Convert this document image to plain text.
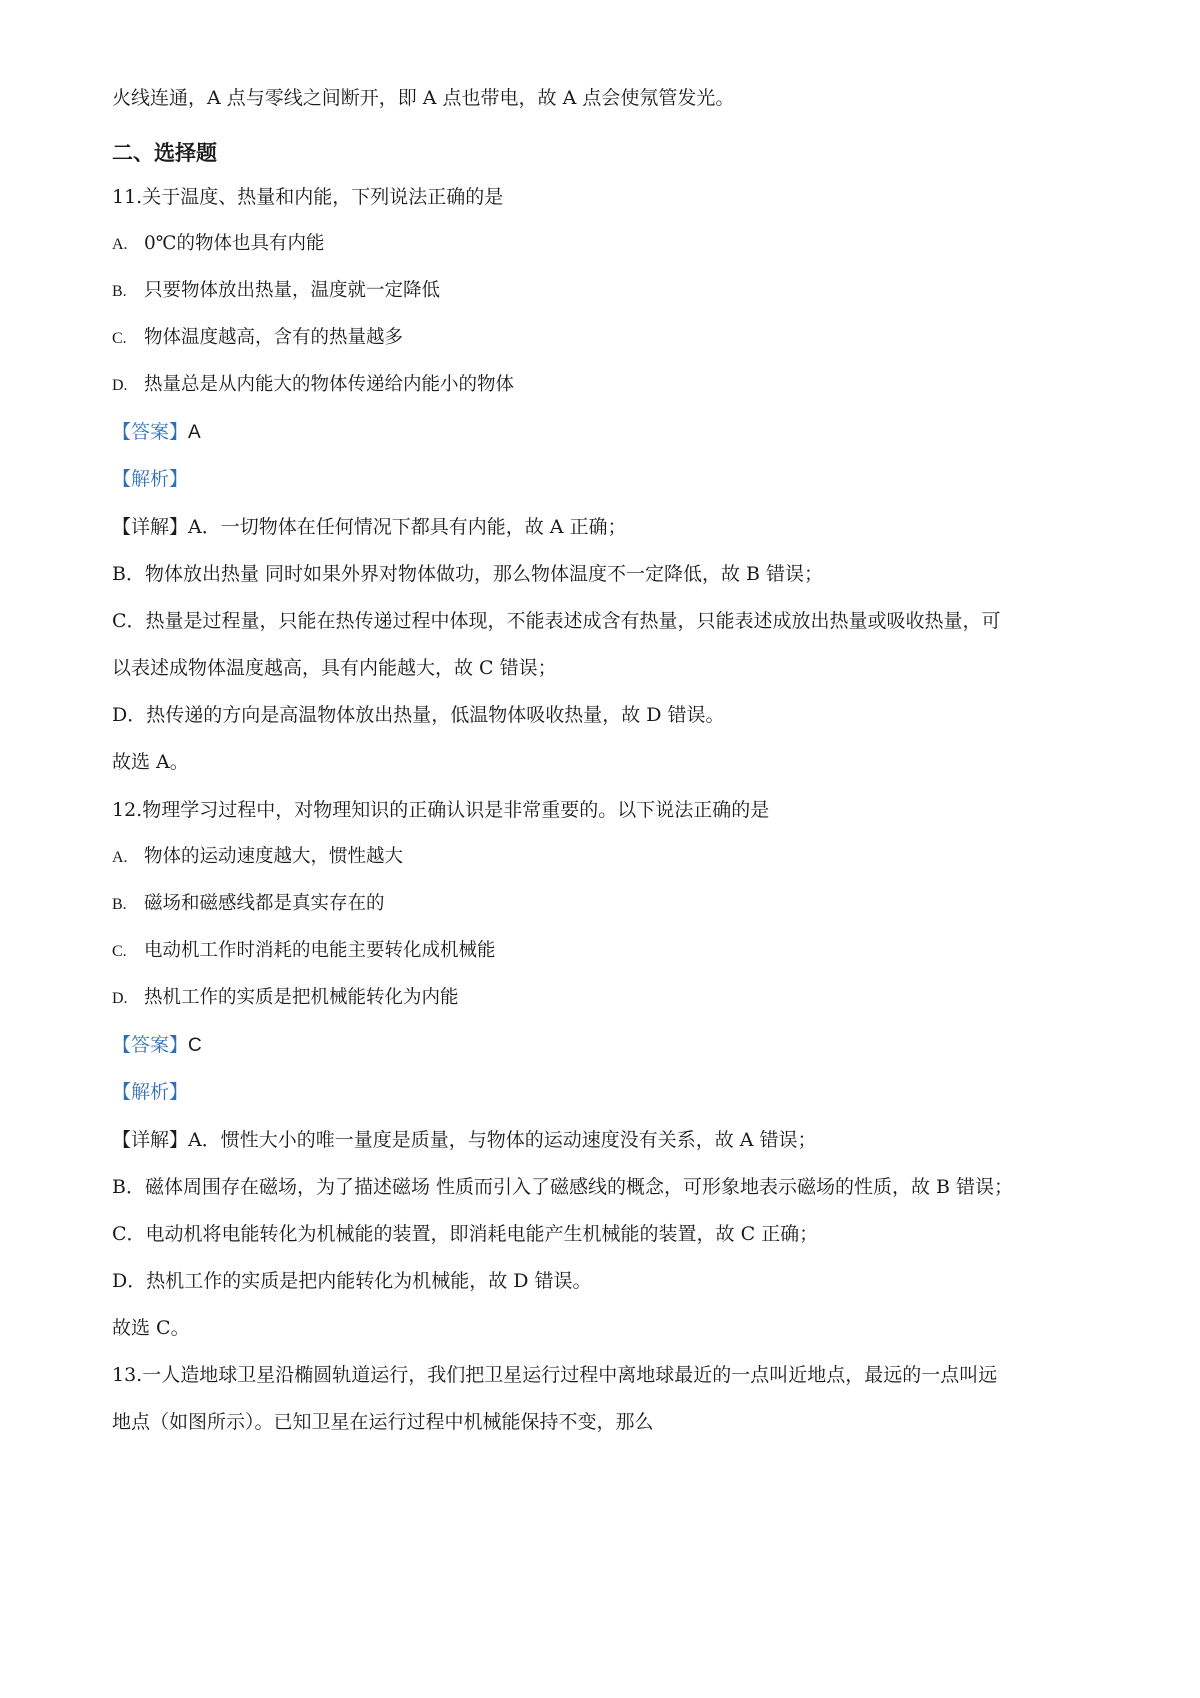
火线连通，A 点与零线之间断开，即 A 点也带电，故 A 点会使氖管发光。
二、选择题
11.关于温度、热量和内能，下列说法正确的是
A. 0℃的物体也具有内能
B. 只要物体放出热量，温度就一定降低
C. 物体温度越高，含有的热量越多
D. 热量总是从内能大的物体传递给内能小的物体
【答案】A
【解析】
【详解】A．一切物体在任何情况下都具有内能，故 A 正确；
B．物体放出热量 同时如果外界对物体做功，那么物体温度不一定降低，故 B 错误；
C．热量是过程量，只能在热传递过程中体现，不能表述成含有热量，只能表述成放出热量或吸收热量，可
以表述成物体温度越高，具有内能越大，故 C 错误；
D．热传递的方向是高温物体放出热量，低温物体吸收热量，故 D 错误。
故选 A。
12.物理学习过程中，对物理知识的正确认识是非常重要的。以下说法正确的是
A. 物体的运动速度越大，惯性越大
B. 磁场和磁感线都是真实存在的
C. 电动机工作时消耗的电能主要转化成机械能
D. 热机工作的实质是把机械能转化为内能
【答案】C
【解析】
【详解】A．惯性大小的唯一量度是质量，与物体的运动速度没有关系，故 A 错误；
B．磁体周围存在磁场，为了描述磁场 性质而引入了磁感线的概念，可形象地表示磁场的性质，故 B 错误；
C．电动机将电能转化为机械能的装置，即消耗电能产生机械能的装置，故 C 正确；
D．热机工作的实质是把内能转化为机械能，故 D 错误。
故选 C。
13.一人造地球卫星沿椭圆轨道运行，我们把卫星运行过程中离地球最近的一点叫近地点，最远的一点叫远
地点（如图所示）。已知卫星在运行过程中机械能保持不变，那么
